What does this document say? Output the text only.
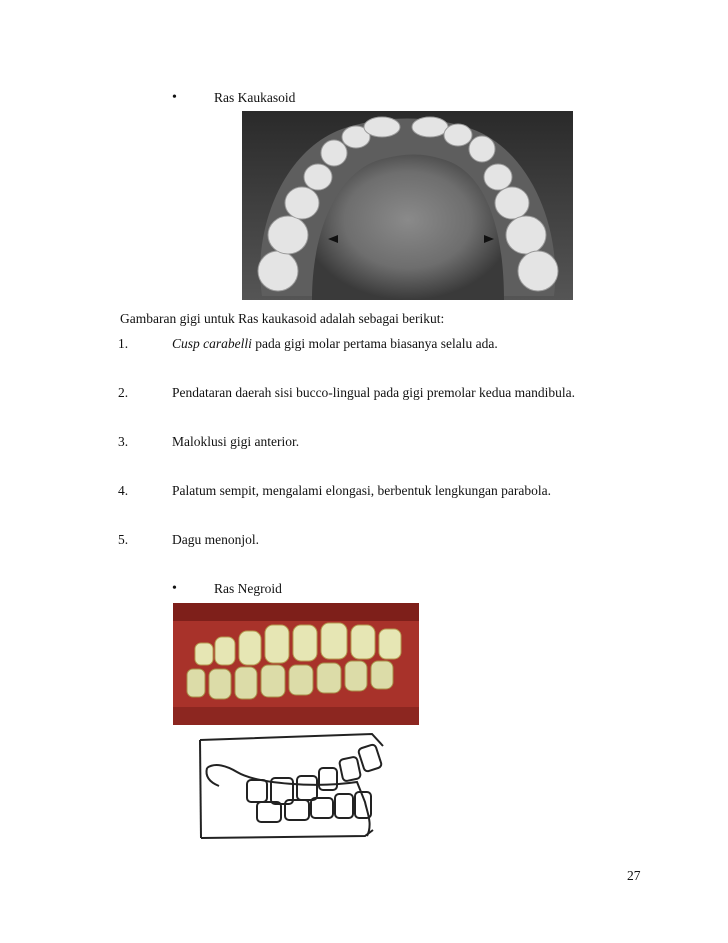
•	Ras Kaukasoid
Gambaran gigi untuk Ras kaukasoid adalah sebagai berikut:
1.	Cusp carabelli pada gigi molar pertama biasanya selalu ada.
2.	Pendataran daerah sisi bucco-lingual pada gigi premolar kedua mandibula.
3.	Maloklusi gigi anterior.
4.	Palatum sempit, mengalami elongasi, berbentuk lengkungan parabola.
5.	Dagu menonjol.
•	Ras Negroid
27
